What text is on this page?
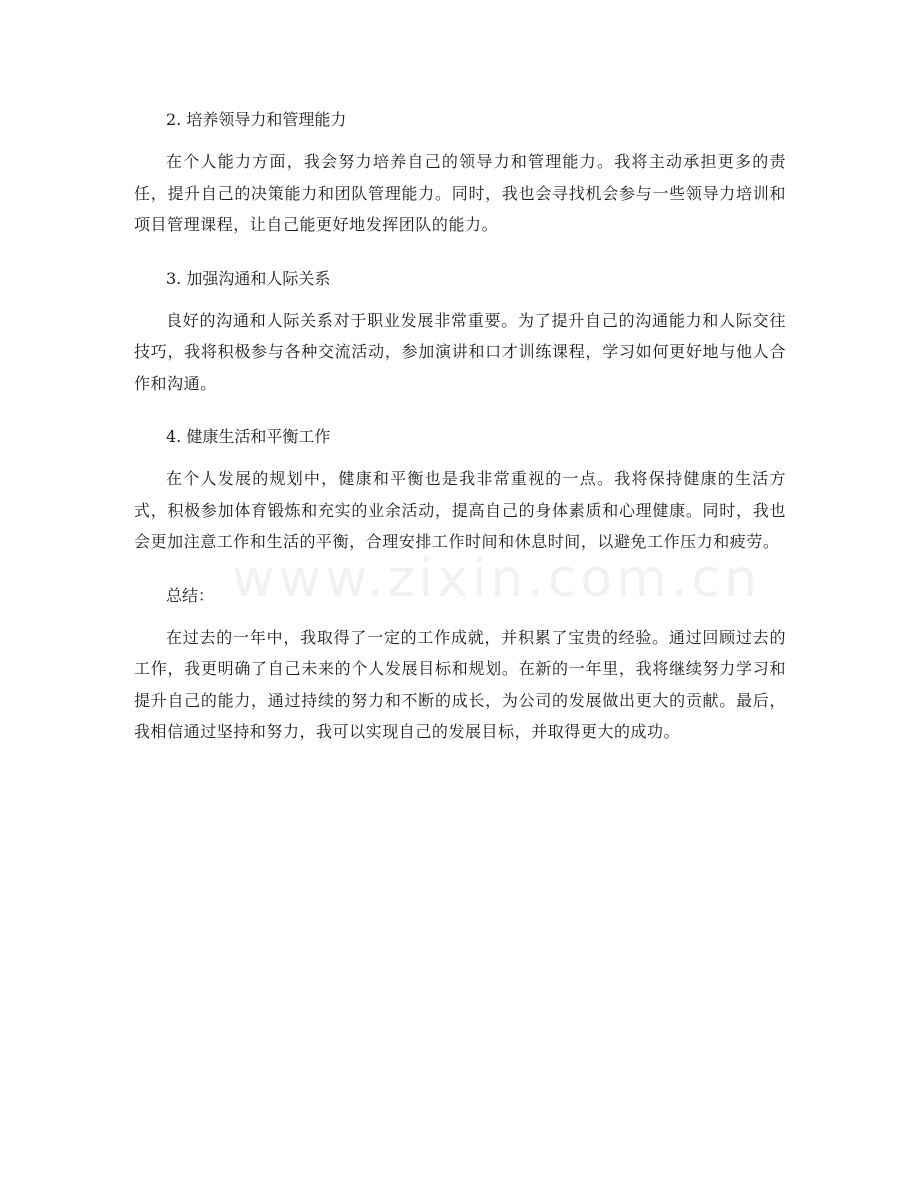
2. 培养领导力和管理能力

在个人能力方面，我会努力培养自己的领导力和管理能力。我将主动承担更多的责任，提升自己的决策能力和团队管理能力。同时，我也会寻找机会参与一些领导力培训和项目管理课程，让自己能更好地发挥团队的能力。

3. 加强沟通和人际关系

良好的沟通和人际关系对于职业发展非常重要。为了提升自己的沟通能力和人际交往技巧，我将积极参与各种交流活动，参加演讲和口才训练课程，学习如何更好地与他人合作和沟通。

4. 健康生活和平衡工作

在个人发展的规划中，健康和平衡也是我非常重视的一点。我将保持健康的生活方式，积极参加体育锻炼和充实的业余活动，提高自己的身体素质和心理健康。同时，我也会更加注意工作和生活的平衡，合理安排工作时间和休息时间，以避免工作压力和疲劳。

总结：

在过去的一年中，我取得了一定的工作成就，并积累了宝贵的经验。通过回顾过去的工作，我更明确了自己未来的个人发展目标和规划。在新的一年里，我将继续努力学习和提升自己的能力，通过持续的努力和不断的成长，为公司的发展做出更大的贡献。最后，我相信通过坚持和努力，我可以实现自己的发展目标，并取得更大的成功。

www.zixin.com.cn
